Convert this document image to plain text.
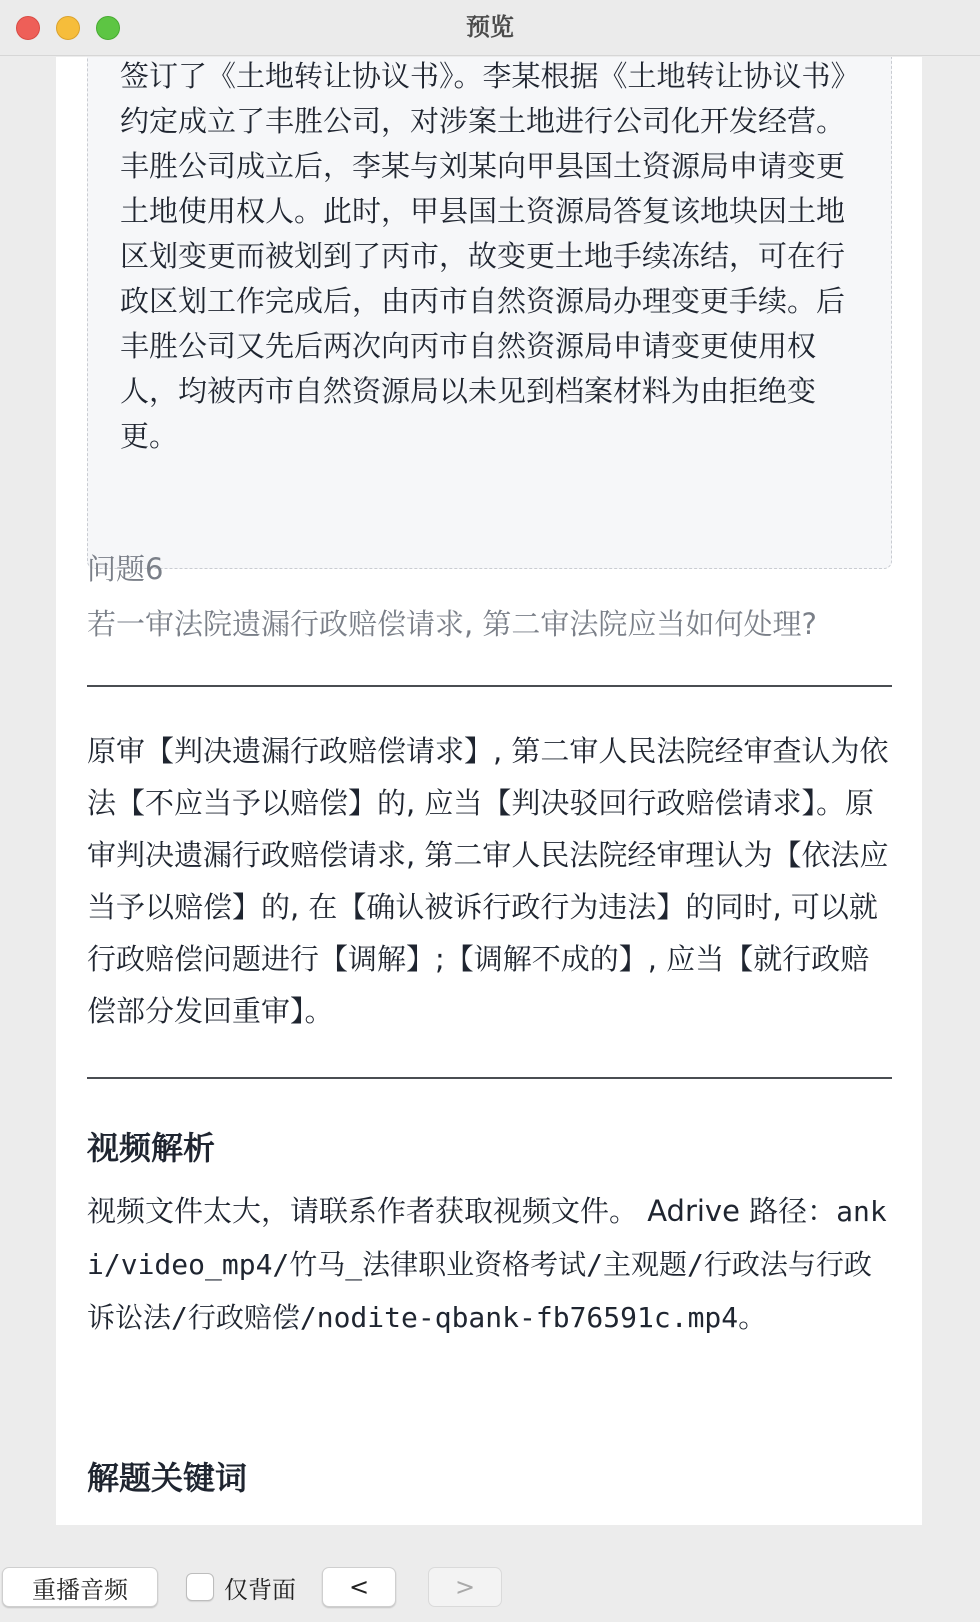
预览

签订了《土地转让协议书》。李某根据《土地转让协议书》约定成立了丰胜公司，对涉案土地进行公司化开发经营。

丰胜公司成立后，李某与刘某向甲县国土资源局申请变更土地使用权人。此时，甲县国土资源局答复该地块因土地区划变更而被划到了丙市，故变更土地手续冻结，可在行政区划工作完成后，由丙市自然资源局办理变更手续。后丰胜公司又先后两次向丙市自然资源局申请变更使用权人，均被丙市自然资源局以未见到档案材料为由拒绝变更。

问题6
若一审法院遗漏行政赔偿请求, 第二审法院应当如何处理?
原审【判决遗漏行政赔偿请求】, 第二审人民法院经审查认为依法【不应当予以赔偿】的, 应当【判决驳回行政赔偿请求】。原审判决遗漏行政赔偿请求, 第二审人民法院经审理认为【依法应当予以赔偿】的, 在【确认被诉行政行为违法】的同时, 可以就行政赔偿问题进行【调解】;【调解不成的】, 应当【就行政赔偿部分发回重审】。
视频解析
视频文件太大，请联系作者获取视频文件。 Adrive 路径：anki/video_mp4/竹马_法律职业资格考试/主观题/行政法与行政诉讼法/行政赔偿/nodite-qbank-fb76591c.mp4。
解题关键词
重播音频	仅背面	<	>
